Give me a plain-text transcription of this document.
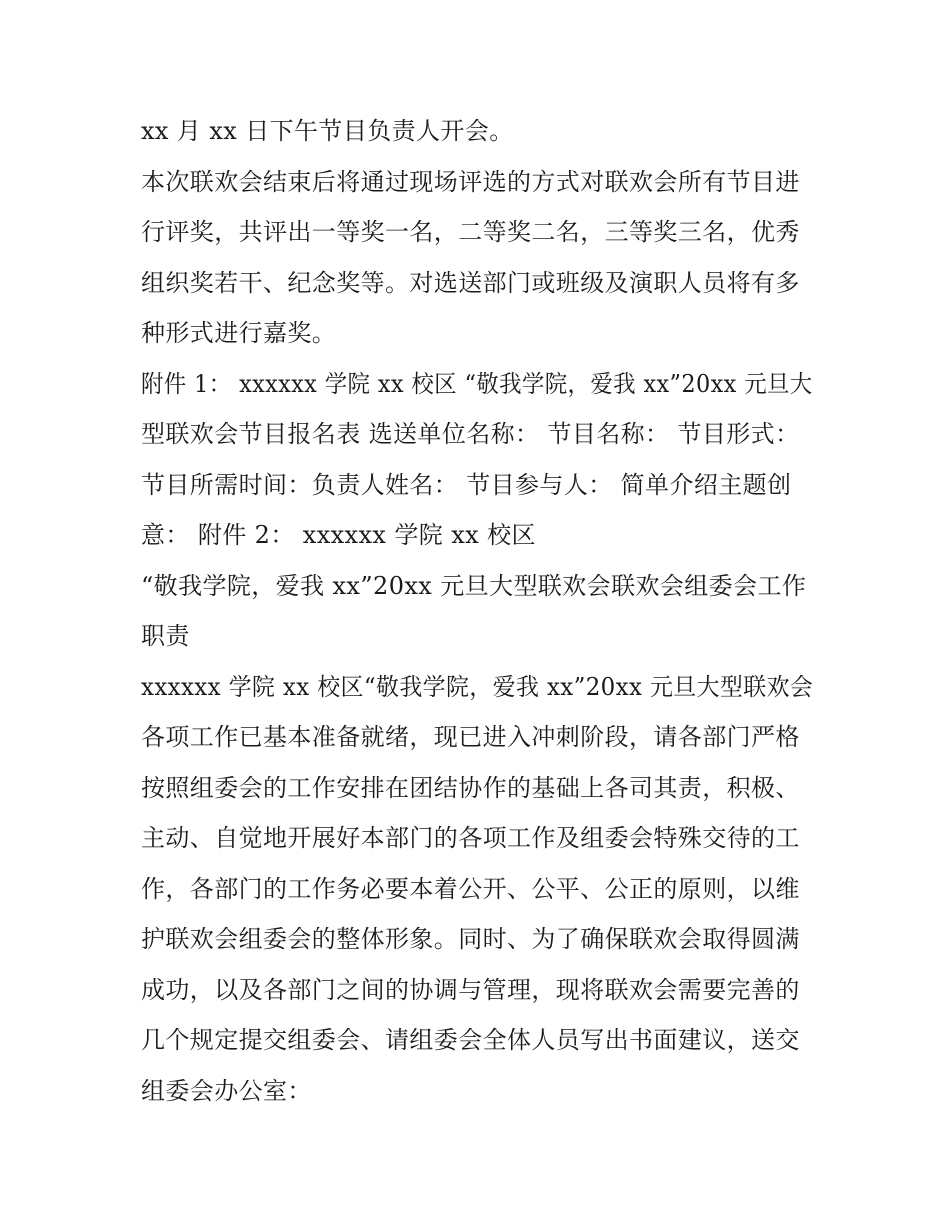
xx 月 xx 日下午节目负责人开会。
本次联欢会结束后将通过现场评选的方式对联欢会所有节目进
行评奖，共评出一等奖一名，二等奖二名，三等奖三名，优秀
组织奖若干、纪念奖等。对选送部门或班级及演职人员将有多
种形式进行嘉奖。
附件 1： xxxxxx 学院 xx 校区 “敬我学院，爱我 xx”20xx 元旦大
型联欢会节目报名表 选送单位名称： 节目名称： 节目形式：
节目所需时间：负责人姓名： 节目参与人： 简单介绍主题创
意： 附件 2： xxxxxx 学院 xx 校区
“敬我学院，爱我 xx”20xx 元旦大型联欢会联欢会组委会工作
职责
xxxxxx 学院 xx 校区“敬我学院，爱我 xx”20xx 元旦大型联欢会
各项工作已基本准备就绪，现已进入冲刺阶段，请各部门严格
按照组委会的工作安排在团结协作的基础上各司其责，积极、
主动、自觉地开展好本部门的各项工作及组委会特殊交待的工
作，各部门的工作务必要本着公开、公平、公正的原则，以维
护联欢会组委会的整体形象。同时、为了确保联欢会取得圆满
成功，以及各部门之间的协调与管理，现将联欢会需要完善的
几个规定提交组委会、请组委会全体人员写出书面建议，送交
组委会办公室：
